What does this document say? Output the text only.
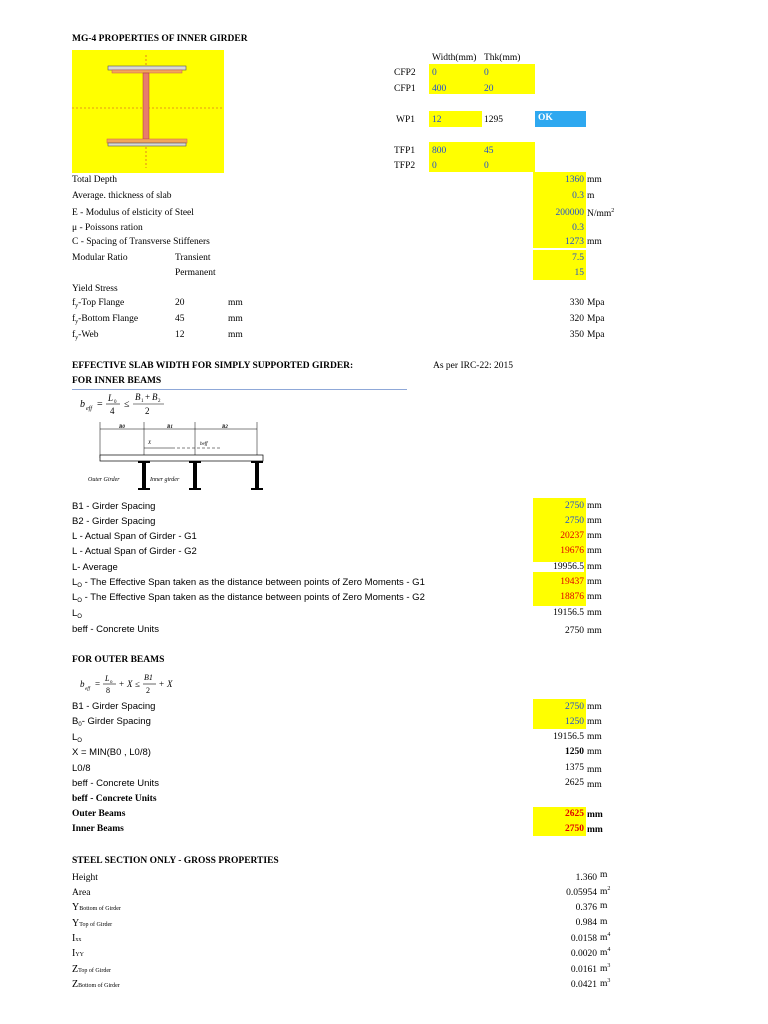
MG-4 PROPERTIES OF INNER GIRDER
Width(mm) Thk(mm)
CFP2 0	0
CFP1 400	20
WP1 12	1295	OK
TFP1 800	45
TFP2 0	0
Total Depth	1360 mm
Average. thickness of slab	0.3 m
E - Modulus of elsticity of Steel	200000 $N/mm^2$
μ - Poissons ration	0.3
C - Spacing of Transverse Stiffeners	1273 mm
Modular Ratio	Transient	7.5
Permanent	15
Yield Stress
$f_y$-Top Flange	20	mm	330 Mpa
$f_y$-Bottom Flange	45	mm	320 Mpa
$f_y$-Web	12	mm	350 Mpa
EFFECTIVE SLAB WIDTH FOR SIMPLY SUPPORTED GIRDER:	As per IRC-22: 2015
FOR INNER BEAMS
b eff =
L 0
4
≤
B 1 + B 2
2
B0	B1	B2
X	beff
Outer Girder	Inner girder
B1 - Girder Spacing	2750 mm
B2 - Girder Spacing	2750 mm
L - Actual Span of Girder - G1	20237 mm
L - Actual Span of Girder - G2	19676 mm
L- Average	19956.5 mm
$L_O$ - The Effective Span taken as the distance between points of Zero Moments - G1	19437 mm
$L_O$ - The Effective Span taken as the distance between points of Zero Moments - G2	18876 mm
$L_O$	19156.5 mm
beff - Concrete Units	2750 mm
FOR OUTER BEAMS
b
eff
=
L o
8
+ X ≤
B1
2
+ X
B1 - Girder Spacing	2750 mm
$B_0-$ Girder Spacing	1250 mm
$L_O$	19156.5 mm
X = MIN(B0 , L0/8)	1250 mm
L0/8	1375 mm
beff - Concrete Units	2625 mm
beff - Concrete Units
Outer Beams	2625 mm
Inner Beams	2750 mm
STEEL SECTION ONLY - GROSS PROPERTIES
Height	1.360 m
Area	0.05954 $m^2$
YBottom of Girder	0.376 m
YTop of Girder	0.984 m
Ixx	0.0158 $m^4$
IYY	0.0020 $m^4$
ZTop of Girder	0.0161 $m^3$
ZBottom of Girder	0.0421 $m^3$
